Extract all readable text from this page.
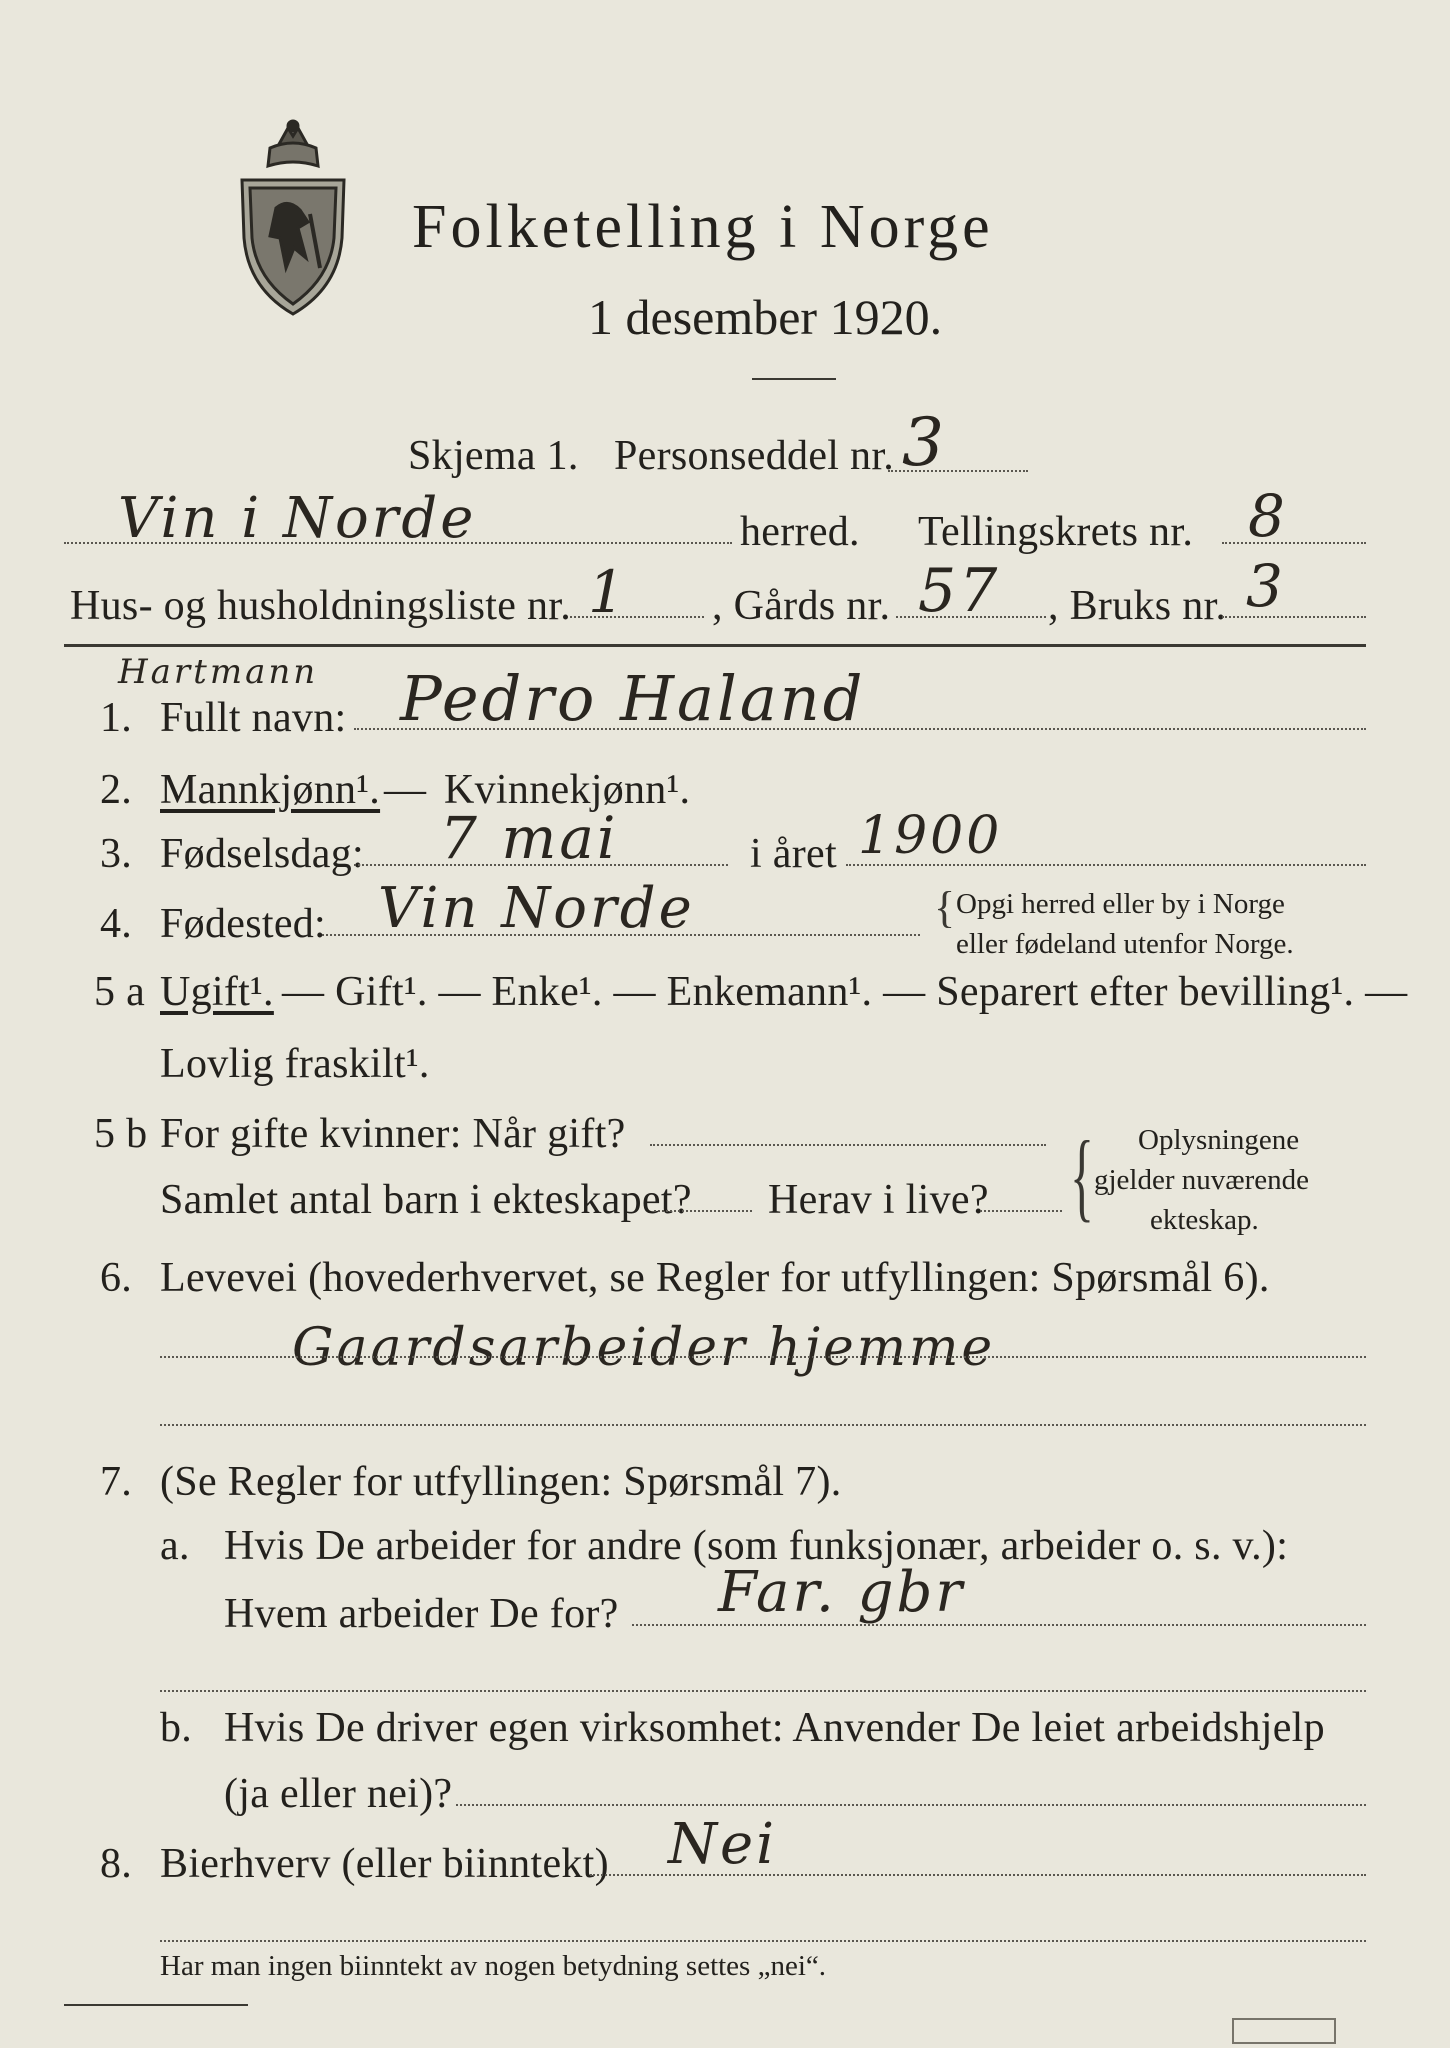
Folketelling i Norge
1 desember 1920.
Skjema 1. Personseddel nr. 3
Vin i Norde	herred. Tellingskrets nr. 8
Hus- og husholdningsliste nr. 1 , Gårds nr. 57 , Bruks nr. 3
Hartmann
1. Fullt navn: Pedro Haland
2. Mannkjønn¹. — Kvinnekjønn¹.
3. Fødselsdag: 7 mai	i året 1900
4. Fødested: Vin Norde	{ Opgi herred eller by i Norge
eller fødeland utenfor Norge.
5 a Ugift¹. — Gift¹. — Enke¹. — Enkemann¹. — Separert efter bevilling¹. —
Lovlig fraskilt¹.
5 b For gifte kvinner: Når gift?
Samlet antal barn i ekteskapet? Herav i live? { Oplysningene
gjelder nuværende
ekteskap.
6. Levevei (hovederhvervet, se Regler for utfyllingen: Spørsmål 6).
Gaardsarbeider hjemme
7. (Se Regler for utfyllingen: Spørsmål 7).
a. Hvis De arbeider for andre (som funksjonær, arbeider o. s. v.):
Hvem arbeider De for? Far. gbr
b. Hvis De driver egen virksomhet: Anvender De leiet arbeidshjelp
(ja eller nei)?
8. Bierhverv (eller biinntekt) Nei
Har man ingen biinntekt av nogen betydning settes „nei“.
